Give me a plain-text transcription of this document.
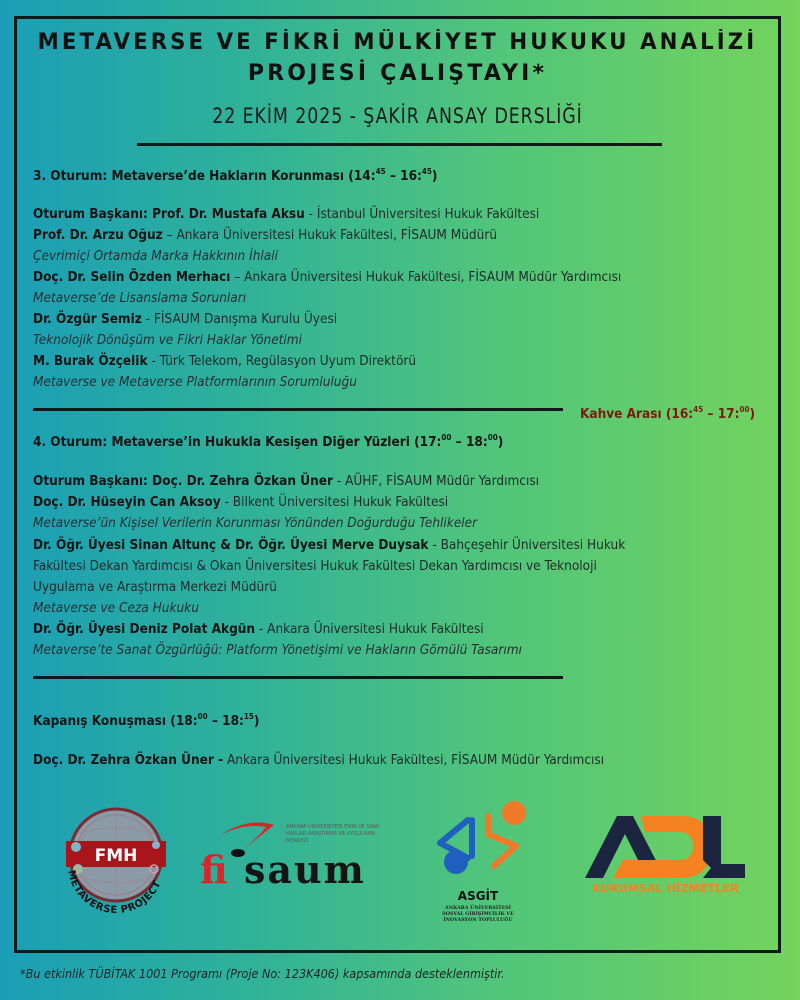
METAVERSE VE FİKRİ MÜLKİYET HUKUKU ANALİZİ
PROJESİ ÇALIŞTAYI*
22 EKİM 2025 - ŞAKİR ANSAY DERSLİĞİ
3. Oturum: Metaverse’de Hakların Korunması (14:$^{45}$ – 16:$^{45}$)
Oturum Başkanı: Prof. Dr. Mustafa Aksu - İstanbul Üniversitesi Hukuk Fakültesi
Prof. Dr. Arzu Oğuz – Ankara Üniversitesi Hukuk Fakültesi, FİSAUM Müdürü
Çevrimiçi Ortamda Marka Hakkının İhlali
Doç. Dr. Selin Özden Merhacı – Ankara Üniversitesi Hukuk Fakültesi, FİSAUM Müdür Yardımcısı
Metaverse’de Lisanslama Sorunları
Dr. Özgür Semiz - FİSAUM Danışma Kurulu Üyesi
Teknolojik Dönüşüm ve Fikri Haklar Yönetimi
M. Burak Özçelik - Türk Telekom, Regülasyon Uyum Direktörü
Metaverse ve Metaverse Platformlarının Sorumluluğu
4. Oturum: Metaverse’in Hukukla Kesişen Diğer Yüzleri (17:$^{00}$ – 18:$^{00}$)
Oturum Başkanı: Doç. Dr. Zehra Özkan Üner - AÜHF, FİSAUM Müdür Yardımcısı
Doç. Dr. Hüseyin Can Aksoy - Bilkent Üniversitesi Hukuk Fakültesi
Metaverse’ün Kişisel Verilerin Korunması Yönünden Doğurduğu Tehlikeler
Dr. Öğr. Üyesi Sinan Altunç & Dr. Öğr. Üyesi Merve Duysak - Bahçeşehir Üniversitesi Hukuk
Fakültesi Dekan Yardımcısı & Okan Üniversitesi Hukuk Fakültesi Dekan Yardımcısı ve Teknoloji
Uygulama ve Araştırma Merkezi Müdürü
Metaverse ve Ceza Hukuku
Dr. Öğr. Üyesi Deniz Polat Akgün - Ankara Üniversitesi Hukuk Fakültesi
Metaverse’te Sanat Özgürlüğü: Platform Yönetişimi ve Hakların Gömülü Tasarımı
Kapanış Konuşması (18:$^{00}$ – 18:$^{15}$)
Doç. Dr. Zehra Özkan Üner - Ankara Üniversitesi Hukuk Fakültesi, FİSAUM Müdür Yardımcısı
Kahve Arası (16:$^{45}$ – 17:$^{00}$)
FMH
METAVERSE PROJECT fi saum
ANKARA ÜNİVERSİTESİ FİKRİ VE SINAİ HAKLAR ARAŞTIRMA VE UYGULAMA MERKEZİ
ASGİT
ANKARA ÜNİVERSİTESİ
SOSYAL GİRİŞİMCİLİK VE
İNOVASYON TOPLULUĞU
KURUMSAL HİZMETLER
*Bu etkinlik TÜBİTAK 1001 Programı (Proje No: 123K406) kapsamında desteklenmiştir.
